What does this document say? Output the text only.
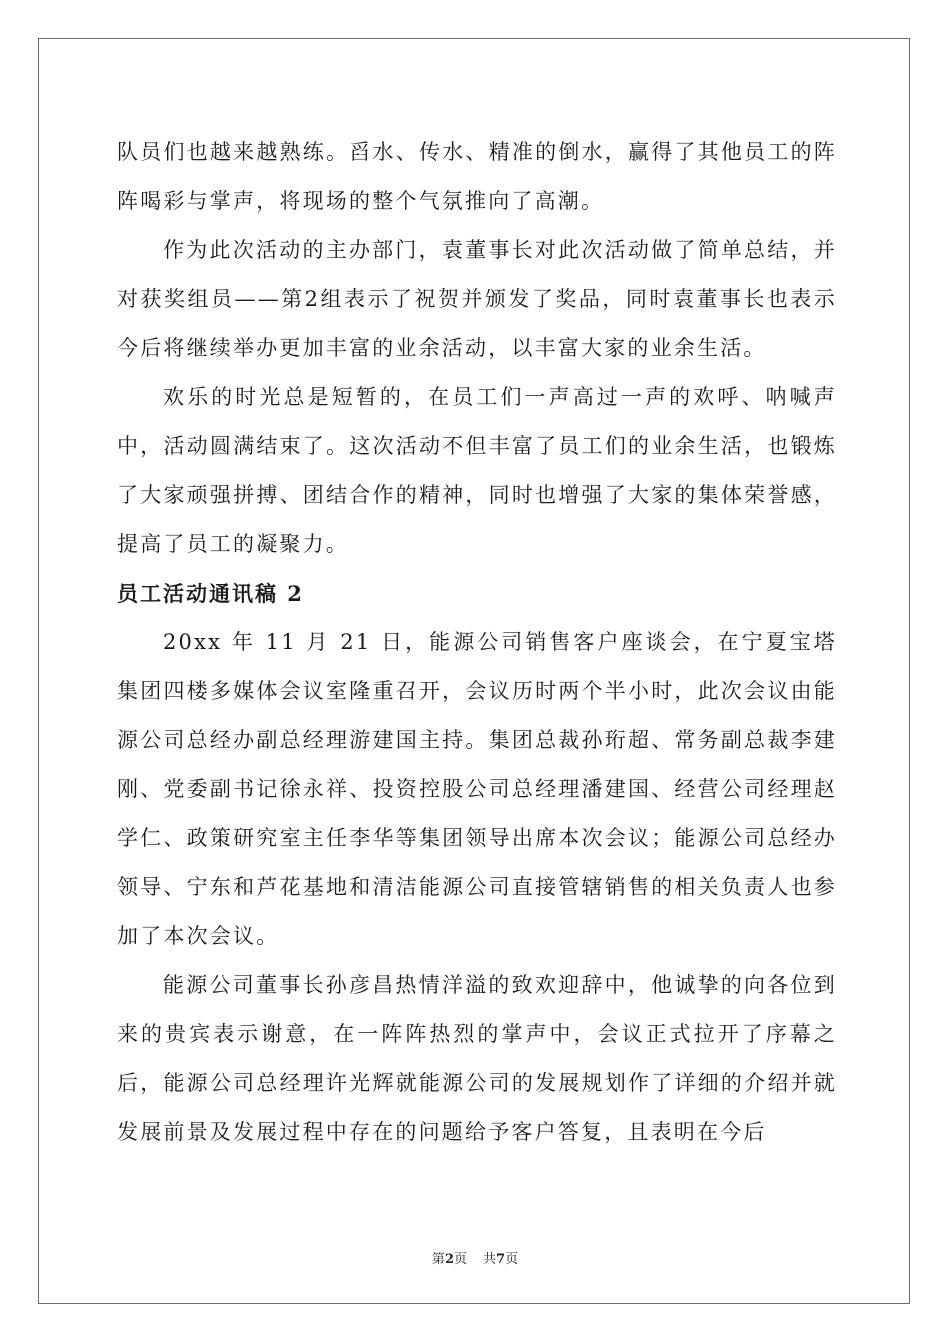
队员们也越来越熟练。舀水、传水、精准的倒水，赢得了其他员工的阵阵喝彩与掌声，将现场的整个气氛推向了高潮。

作为此次活动的主办部门，袁董事长对此次活动做了简单总结，并对获奖组员——第2组表示了祝贺并颁发了奖品，同时袁董事长也表示今后将继续举办更加丰富的业余活动，以丰富大家的业余生活。

欢乐的时光总是短暂的，在员工们一声高过一声的欢呼、呐喊声中，活动圆满结束了。这次活动不但丰富了员工们的业余生活，也锻炼了大家顽强拼搏、团结合作的精神，同时也增强了大家的集体荣誉感，提高了员工的凝聚力。

员工活动通讯稿 2

20xx 年 11 月 21 日，能源公司销售客户座谈会，在宁夏宝塔集团四楼多媒体会议室隆重召开，会议历时两个半小时，此次会议由能源公司总经办副总经理游建国主持。集团总裁孙珩超、常务副总裁李建刚、党委副书记徐永祥、投资控股公司总经理潘建国、经营公司经理赵学仁、政策研究室主任李华等集团领导出席本次会议；能源公司总经办领导、宁东和芦花基地和清洁能源公司直接管辖销售的相关负责人也参加了本次会议。

能源公司董事长孙彦昌热情洋溢的致欢迎辞中，他诚挚的向各位到来的贵宾表示谢意，在一阵阵热烈的掌声中，会议正式拉开了序幕之后，能源公司总经理许光辉就能源公司的发展规划作了详细的介绍并就发展前景及发展过程中存在的问题给予客户答复，且表明在今后

第2页 共7页
